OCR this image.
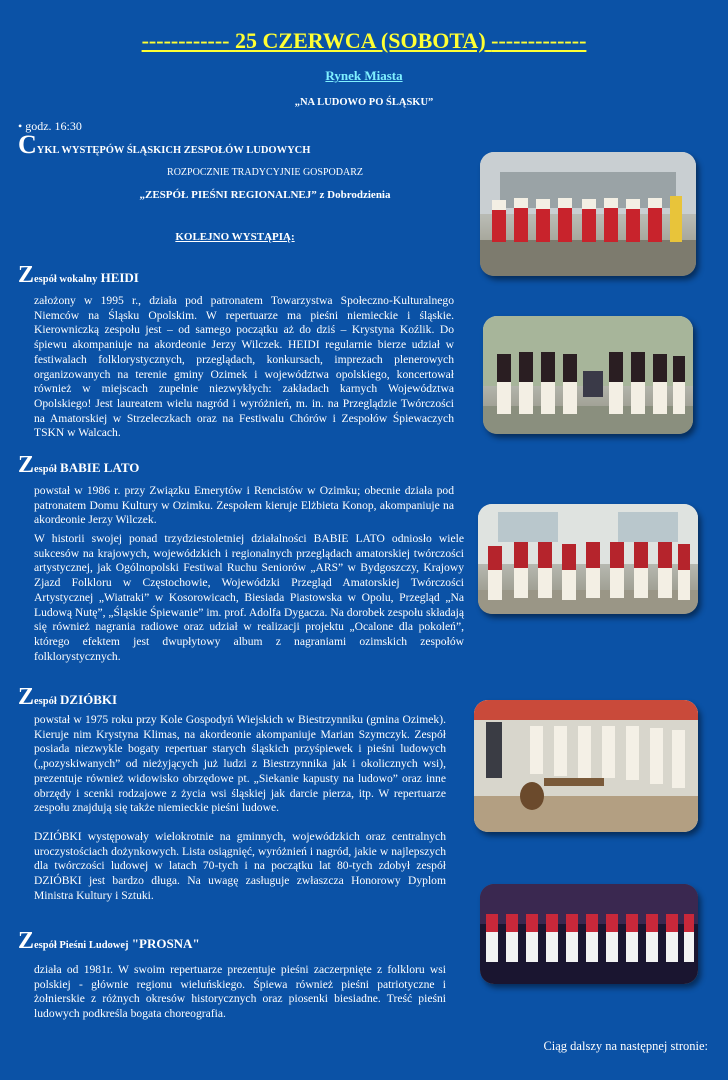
------------ 25 CZERWCA (SOBOTA) -------------
Rynek Miasta
„NA LUDOWO PO ŚLĄSKU”
• godz. 16:30
CYKL WYSTĘPÓW ŚLĄSKICH ZESPOŁÓW LUDOWYCH
ROZPOCZNIE TRADYCYJNIE GOSPODARZ
„ZESPÓŁ PIEŚNI REGIONALNEJ” z Dobrodzienia
KOLEJNO WYSTĄPIĄ:
Zespół wokalny HEIDI
założony w 1995 r., działa pod patronatem Towarzystwa Społeczno-Kulturalnego Niemców na Śląsku Opolskim. W repertuarze ma pieśni niemieckie i śląskie. Kierowniczką zespołu jest – od samego początku aż do dziś – Krystyna Koźlik. Do śpiewu akompaniuje na akordeonie Jerzy Wilczek. HEIDI regularnie bierze udział w festiwalach folklorystycznych, przeglądach, konkursach, imprezach plenerowych organizowanych na terenie gminy Ozimek i województwa opolskiego, koncertował również w miejscach zupełnie niezwykłych: zakładach karnych Województwa Opolskiego! Jest laureatem wielu nagród i wyróżnień, m. in. na Przeglądzie Twórczości na Amatorskiej w Strzeleczkach oraz na Festiwalu Chórów i Zespołów Śpiewaczych TSKN w Walcach.
Zespół BABIE LATO
powstał w 1986 r. przy Związku Emerytów i Rencistów w Ozimku; obecnie działa pod patronatem Domu Kultury w Ozimku. Zespołem kieruje Elżbieta Konop, akompaniuje na akordeonie Jerzy Wilczek.
W historii swojej ponad trzydziestoletniej działalności BABIE LATO odniosło wiele sukcesów na krajowych, wojewódzkich i regionalnych przeglądach amatorskiej twórczości artystycznej, jak Ogólnopolski Festiwal Ruchu Seniorów „ARS” w Bydgoszczy, Krajowy Zjazd Folkloru w Częstochowie, Wojewódzki Przegląd Amatorskiej Twórczości Artystycznej „Wiatraki” w Kosorowicach, Biesiada Piastowska w Opolu, Przegląd „Na Ludową Nutę”, „Śląskie Śpiewanie” im. prof. Adolfa Dygacza. Na dorobek zespołu składają się również nagrania radiowe oraz udział w realizacji projektu „Ocalone dla pokoleń”, którego efektem jest dwupłytowy album z nagraniami ozimskich zespołów folklorystycznych.
Zespół DZIÓBKI
powstał w 1975 roku przy Kole Gospodyń Wiejskich w Biestrzynniku (gmina Ozimek). Kieruje nim Krystyna Klimas, na akordeonie akompaniuje Marian Szymczyk. Zespół posiada niezwykle bogaty repertuar starych śląskich przyśpiewek i pieśni ludowych („pozyskiwanych” od nieżyjących już ludzi z Biestrzynnika jak i okolicznych wsi), prezentuje również widowisko obrzędowe pt. „Siekanie kapusty na ludowo” oraz inne obrzędy i scenki rodzajowe z życia wsi śląskiej jak darcie pierza, itp. W repertuarze zespołu znajdują się także niemieckie pieśni ludowe.
DZIÓBKI występowały wielokrotnie na gminnych, wojewódzkich oraz centralnych uroczystościach dożynkowych. Lista osiągnięć, wyróżnień i nagród, jakie w najlepszych dla twórczości ludowej w latach 70-tych i na początku lat 80-tych zdobył zespół DZIÓBKI jest bardzo długa. Na uwagę zasługuje zwłaszcza Honorowy Dyplom Ministra Kultury i Sztuki.
Zespół Pieśni Ludowej "PROSNA"
działa od 1981r. W swoim repertuarze prezentuje pieśni zaczerpnięte z folkloru wsi polskiej - głównie regionu wieluńskiego. Śpiewa również pieśni patriotyczne i żołnierskie z różnych okresów historycznych oraz piosenki biesiadne. Treść pieśni ludowych podkreśla bogata choreografia.
Ciąg dalszy na następnej stronie:
